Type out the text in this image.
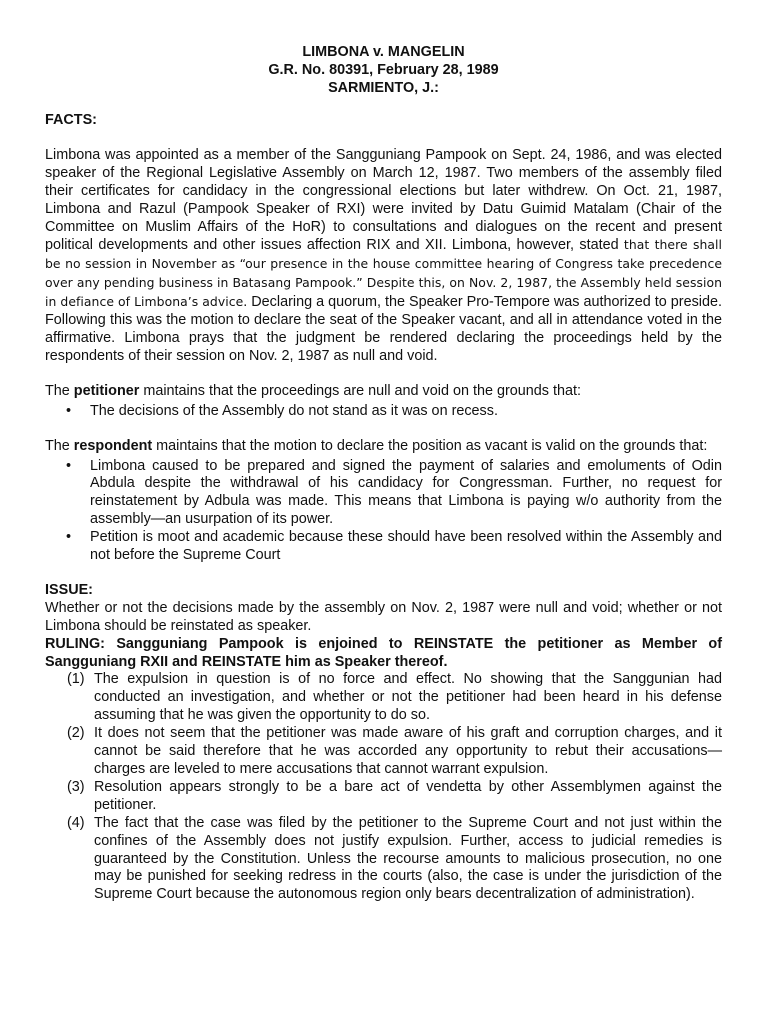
LIMBONA v. MANGELIN
G.R. No. 80391, February 28, 1989
SARMIENTO, J.:
FACTS:

Limbona was appointed as a member of the Sangguniang Pampook on Sept. 24, 1986, and was elected speaker of the Regional Legislative Assembly on March 12, 1987. Two members of the assembly filed their certificates for candidacy in the congressional elections but later withdrew. On Oct. 21, 1987, Limbona and Razul (Pampook Speaker of RXI) were invited by Datu Guimid Matalam (Chair of the Committee on Muslim Affairs of the HoR) to consultations and dialogues on the recent and present political developments and other issues affection RIX and XII. Limbona, however, stated that there shall be no session in November as “our presence in the house committee hearing of Congress take precedence over any pending business in Batasang Pampook.” Despite this, on Nov. 2, 1987, the Assembly held session in defiance of Limbona’s advice. Declaring a quorum, the Speaker Pro-Tempore was authorized to preside. Following this was the motion to declare the seat of the Speaker vacant, and all in attendance voted in the affirmative. Limbona prays that the judgment be rendered declaring the proceedings held by the respondents of their session on Nov. 2, 1987 as null and void.

The petitioner maintains that the proceedings are null and void on the grounds that:

• The decisions of the Assembly do not stand as it was on recess.

The respondent maintains that the motion to declare the position as vacant is valid on the grounds that:

• Limbona caused to be prepared and signed the payment of salaries and emoluments of Odin Abdula despite the withdrawal of his candidacy for Congressman. Further, no request for reinstatement by Adbula was made. This means that Limbona is paying w/o authority from the assembly—an usurpation of its power.
• Petition is moot and academic because these should have been resolved within the Assembly and not before the Supreme Court
ISSUE:

Whether or not the decisions made by the assembly on Nov. 2, 1987 were null and void; whether or not Limbona should be reinstated as speaker.

RULING: Sangguniang Pampook is enjoined to REINSTATE the petitioner as Member of Sangguniang RXII and REINSTATE him as Speaker thereof.

(1) The expulsion in question is of no force and effect. No showing that the Sanggunian had conducted an investigation, and whether or not the petitioner had been heard in his defense assuming that he was given the opportunity to do so.
(2) It does not seem that the petitioner was made aware of his graft and corruption charges, and it cannot be said therefore that he was accorded any opportunity to rebut their accusations—charges are leveled to mere accusations that cannot warrant expulsion.
(3) Resolution appears strongly to be a bare act of vendetta by other Assemblymen against the petitioner.
(4) The fact that the case was filed by the petitioner to the Supreme Court and not just within the confines of the Assembly does not justify expulsion. Further, access to judicial remedies is guaranteed by the Constitution. Unless the recourse amounts to malicious prosecution, no one may be punished for seeking redress in the courts (also, the case is under the jurisdiction of the Supreme Court because the autonomous region only bears decentralization of administration).
